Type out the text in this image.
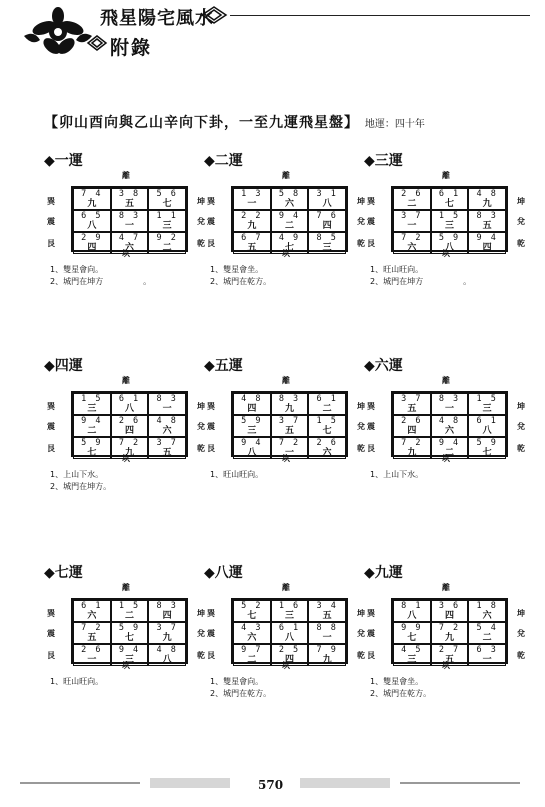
飛星陽宅風水
附錄
【卯山酉向與乙山辛向下卦，一至九運飛星盤】 地運：四十年
◆一運
離
坎
巽
震
艮
坤
兌
乾
7 4
九
3 8
五
5 6
七
6 5
八
8 3
一
1 1
三
2 9
四
4 7
六
9 2
二
1、雙星會向。
2、城門在坤方　　　　　。
◆二運
離
坎
巽
震
艮
坤
兌
乾
1 3
一
5 8
六
3 1
八
2 2
九
9 4
二
7 6
四
6 7
五
4 9
七
8 5
三
1、雙星會坐。
2、城門在乾方。
◆三運
離
坎
巽
震
艮
坤
兌
乾
2 6
二
6 1
七
4 8
九
3 7
一
1 5
三
8 3
五
7 2
六
5 9
八
9 4
四
1、旺山旺向。
2、城門在坤方　　　　　。
◆四運
離
坎
巽
震
艮
坤
兌
乾
1 5
三
6 1
八
8 3
一
9 4
二
2 6
四
4 8
六
5 9
七
7 2
九
3 7
五
1、上山下水。
2、城門在坤方。
◆五運
離
坎
巽
震
艮
坤
兌
乾
4 8
四
8 3
九
6 1
二
5 9
三
3 7
五
1 5
七
9 4
八
7 2
一
2 6
六
1、旺山旺向。
◆六運
離
坎
巽
震
艮
坤
兌
乾
3 7
五
8 3
一
1 5
三
2 6
四
4 8
六
6 1
八
7 2
九
9 4
二
5 9
七
1、上山下水。
◆七運
離
坎
巽
震
艮
坤
兌
乾
6 1
六
1 5
二
8 3
四
7 2
五
5 9
七
3 7
九
2 6
一
9 4
三
4 8
八
1、旺山旺向。
◆八運
離
坎
巽
震
艮
坤
兌
乾
5 2
七
1 6
三
3 4
五
4 3
六
6 1
八
8 8
一
9 7
二
2 5
四
7 9
九
1、雙星會向。
2、城門在乾方。
◆九運
離
坎
巽
震
艮
坤
兌
乾
8 1
八
3 6
四
1 8
六
9 9
七
7 2
九
5 4
二
4 5
三
2 7
五
6 3
一
1、雙星會坐。
2、城門在乾方。
570
